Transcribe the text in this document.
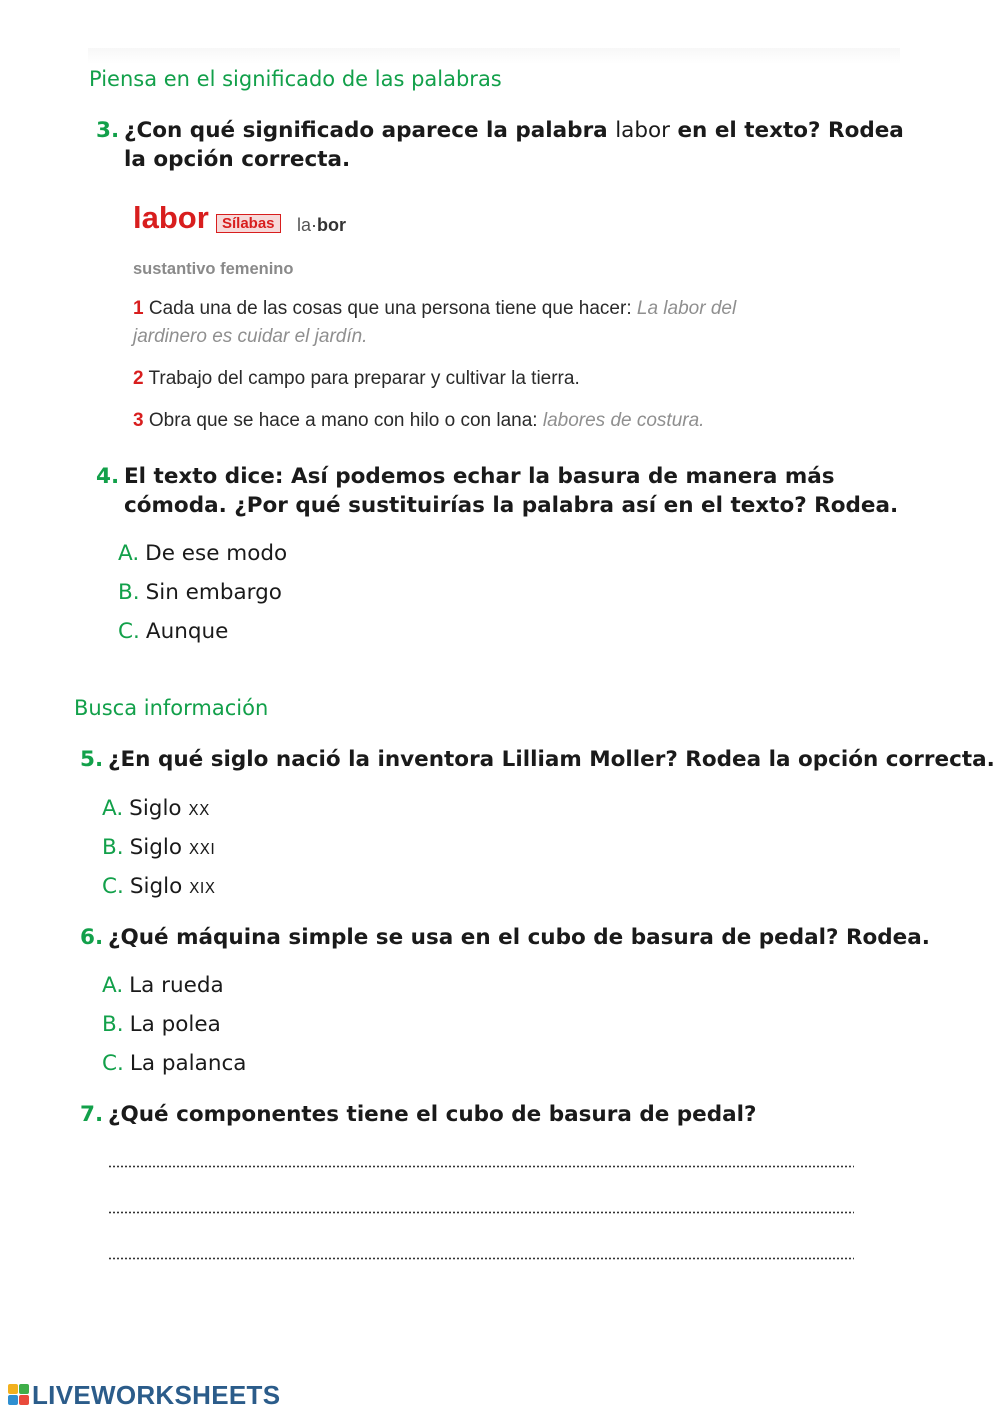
Piensa en el significado de las palabras
3. ¿Con qué significado aparece la palabra labor en el texto? Rodea la opción correcta.
labor Sílabas	la·bor
sustantivo femenino
1 Cada una de las cosas que una persona tiene que hacer: La labor del jardinero es cuidar el jardín.
2 Trabajo del campo para preparar y cultivar la tierra.
3 Obra que se hace a mano con hilo o con lana: labores de costura.
4. El texto dice: Así podemos echar la basura de manera más cómoda. ¿Por qué sustituirías la palabra así en el texto? Rodea.
A. De ese modo
B. Sin embargo
C. Aunque
Busca información
5. ¿En qué siglo nació la inventora Lilliam Moller? Rodea la opción correcta.
A. Siglo XX
B. Siglo XXI
C. Siglo XIX
6. ¿Qué máquina simple se usa en el cubo de basura de pedal? Rodea.
A. La rueda
B. La polea
C. La palanca
7. ¿Qué componentes tiene el cubo de basura de pedal?
LIVEWORKSHEETS
